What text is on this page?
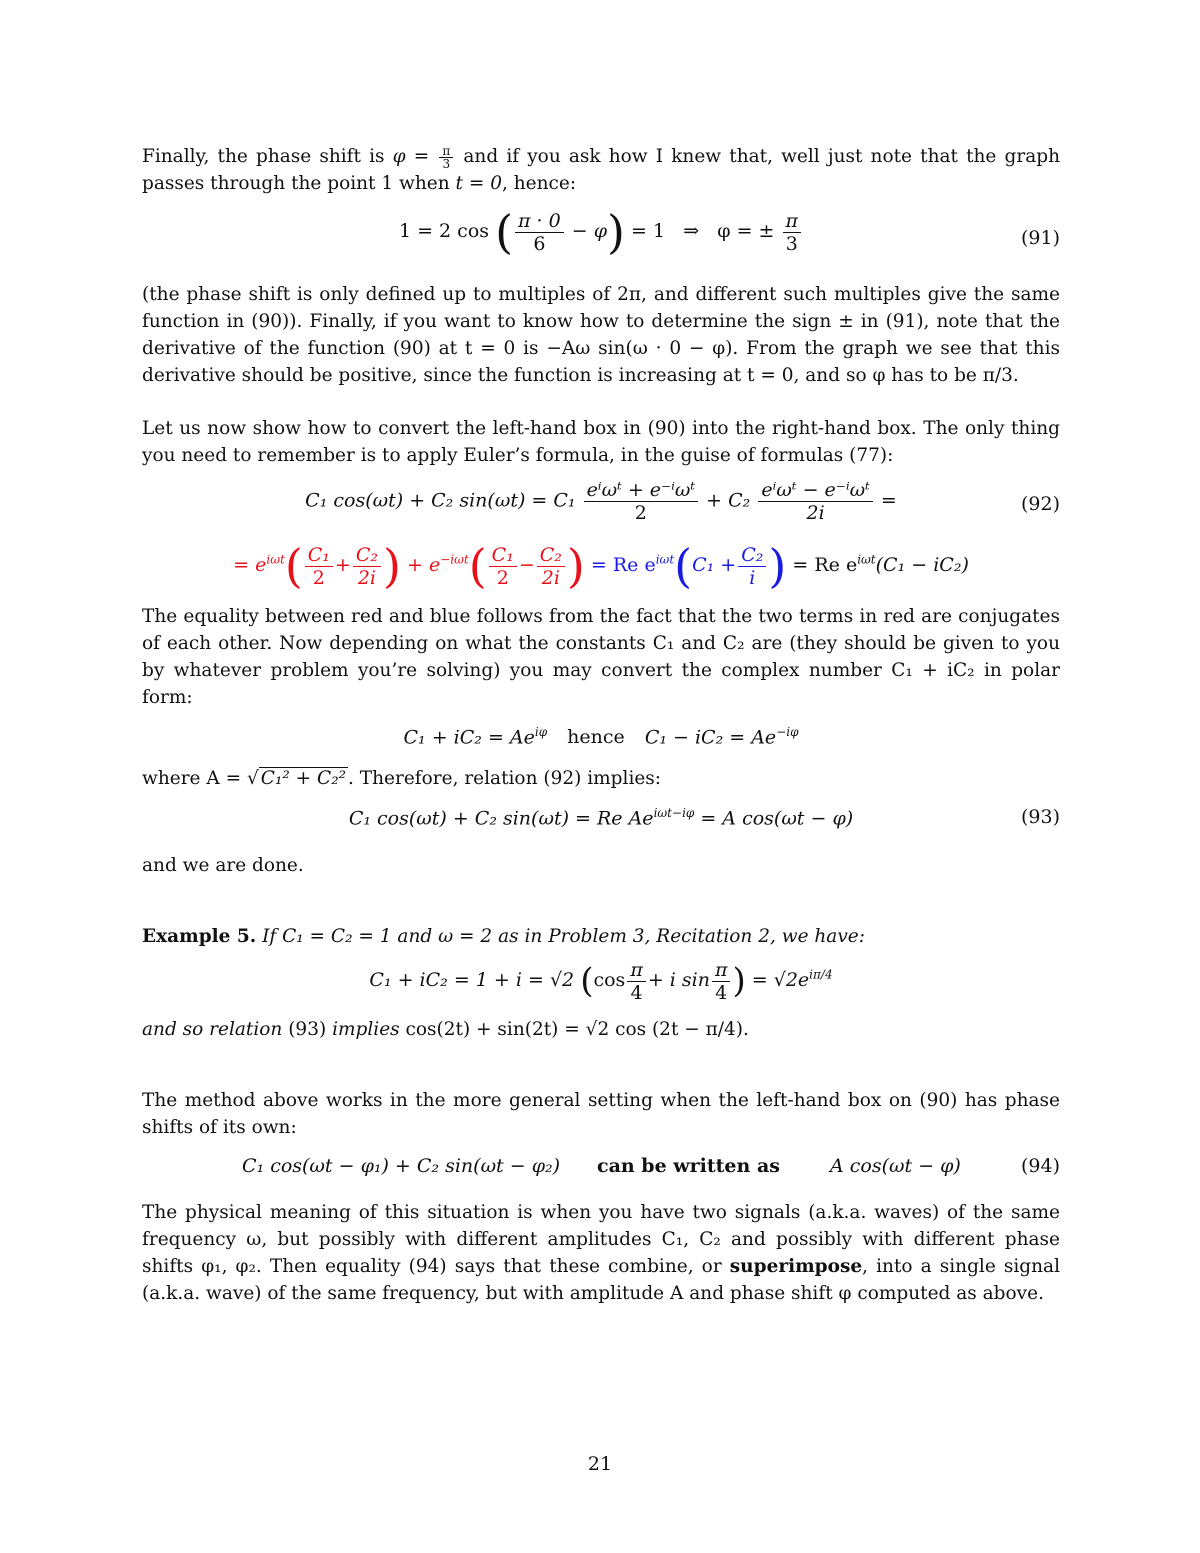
Finally, the phase shift is $\varphi = \frac{\pi}{3}$ and if you ask how I knew that, well just note that the graph passes through the point 1 when t = 0, hence:

1 = 2 cos ( $\frac{\pi \cdot 0}{6} - \varphi) = 1$   ⇒   φ = ± $\frac{\pi}{3}$	(91)

(the phase shift is only defined up to multiples of 2π, and different such multiples give the same function in (90)). Finally, if you want to know how to determine the sign ± in (91), note that the derivative of the function (90) at t = 0 is −Aω sin(ω · 0 − φ). From the graph we see that this derivative should be positive, since the function is increasing at t = 0, and so φ has to be π/3.

Let us now show how to convert the left-hand box in (90) into the right-hand box. The only thing you need to remember is to apply Euler’s formula, in the guise of formulas (77):

C₁ cos(ωt) + C₂ $\sin(\omega t) = C_1 \frac{\text{eⁱωᵗ + e⁻ⁱωᵗ}}{2} + C_2 \frac{\text{eⁱωᵗ − e⁻ⁱωᵗ}}{2i}$ =	(92)
= $e^{i\omega t}( \frac{\text{C₁}}{2} + \frac{\text{C₂}}{2i}$ ) + $e^{-i\omega t}( \frac{\text{C₁}}{2} - \frac{\text{C₂}}{2i}$ ) = Re $e^{i\omega t}(C_1 + \frac{\text{C₂}}{i}$ ) = Re $e^{i\omega t}(C_1 - iC_2)$

The equality between red and blue follows from the fact that the two terms in red are conjugates of each other. Now depending on what the constants C₁ and C₂ are (they should be given to you by whatever problem you’re solving) you may convert the complex number C₁ + iC₂ in polar form:

$C_1 + iC_2 = Ae^{i\varphi}$ hence $C_1 - iC_2 = Ae^{-i\varphi}$

where A = √ C₁² + C₂² . Therefore, relation (92) implies:

C₁ cos(ωt) + C₂ sin(ωt) = Re $Ae^{i\omega t-i\varphi} = A$ cos(ωt − φ)	(93)

and we are done.

Example 5. If C₁ = C₂ = 1 and ω = 2 as in Problem 3, Recitation 2, we have:

C₁ + iC₂ = 1 + i = √2 ($\cos \frac{\pi}{4} + i$ $\sin \frac{\pi}{4}$ ) = $√2e^{i\pi/4}$

and so relation (93) implies cos(2t) + sin(2t) = √2 cos (2t − π/4).

The method above works in the more general setting when the left-hand box on (90) has phase shifts of its own:

C₁ cos(ωt − φ₁) + C₂ sin(ωt − φ₂) can be written as	A cos(ωt − φ)	(94)

The physical meaning of this situation is when you have two signals (a.k.a. waves) of the same frequency ω, but possibly with different amplitudes C₁, C₂ and possibly with different phase shifts φ₁, φ₂. Then equality (94) says that these combine, or superimpose, into a single signal (a.k.a. wave) of the same frequency, but with amplitude A and phase shift φ computed as above.

21
